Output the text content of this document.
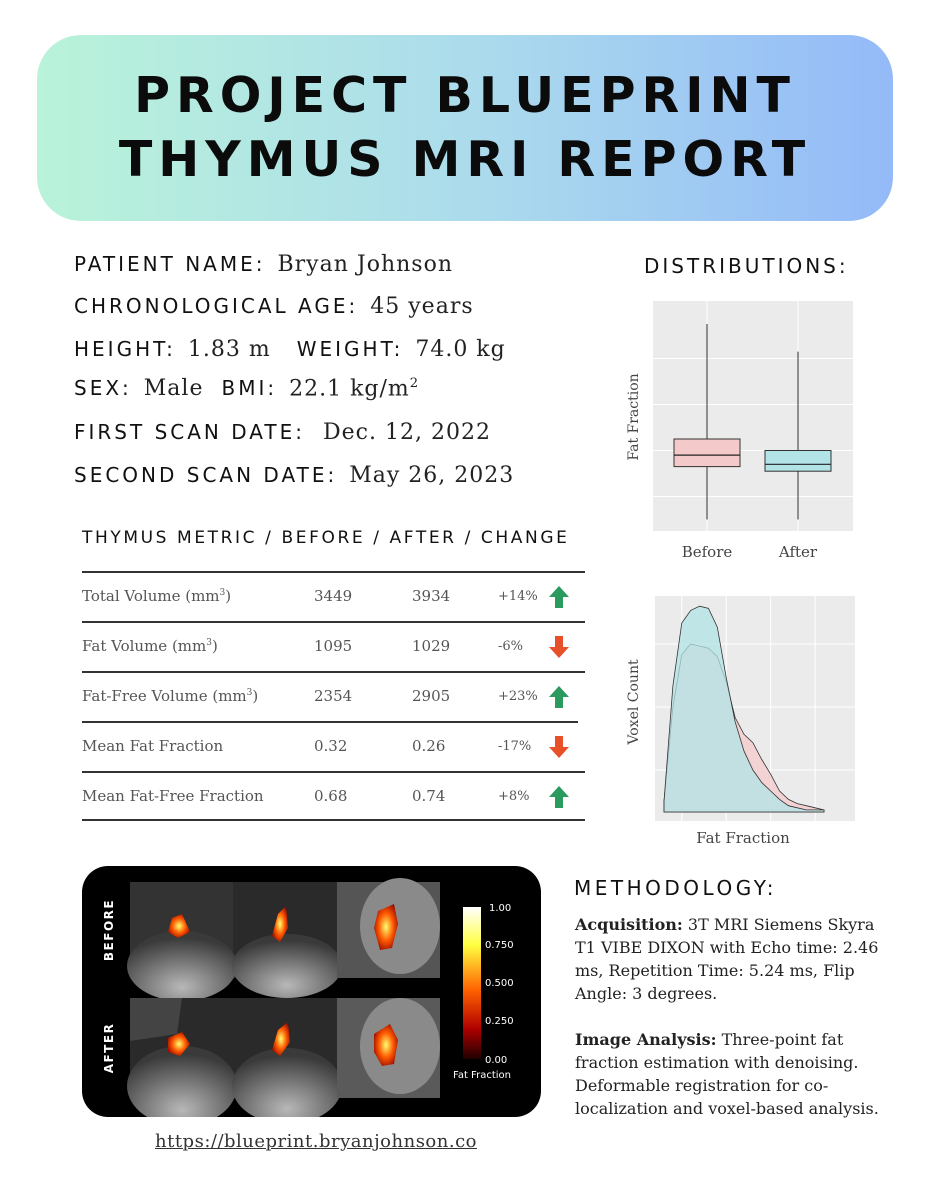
PROJECT BLUEPRINT
THYMUS MRI REPORT
PATIENT NAME: Bryan Johnson
CHRONOLOGICAL AGE: 45 years
HEIGHT: 1.83 m WEIGHT: 74.0 kg
SEX: Male BMI: 22.1 $kg/m^2$
FIRST SCAN DATE: Dec. 12, 2022
SECOND SCAN DATE: May 26, 2023
DISTRIBUTIONS:
Fat Fraction
Before	After
Voxel Count
Fat Fraction
THYMUS METRIC / BEFORE / AFTER / CHANGE
Total Volume $(mm^3)$	3449	3934	+14%
Fat Volume $(mm^3)$	1095	1029	-6%
Fat-Free Volume $(mm^3)$	2354	2905	+23%
Mean Fat Fraction	0.32	0.26	-17%
Mean Fat-Free Fraction	0.68	0.74	+8%
BEFORE
AFTER
1.00
0.750
0.500
0.250
0.00
Fat Fraction
https://blueprint.bryanjohnson.co
METHODOLOGY:

Acquisition: 3T MRI Siemens Skyra T1 VIBE DIXON with Echo time: 2.46 ms, Repetition Time: 5.24 ms, Flip Angle: 3 degrees.

Image Analysis: Three-point fat fraction estimation with denoising. Deformable registration for co-localization and voxel-based analysis.
